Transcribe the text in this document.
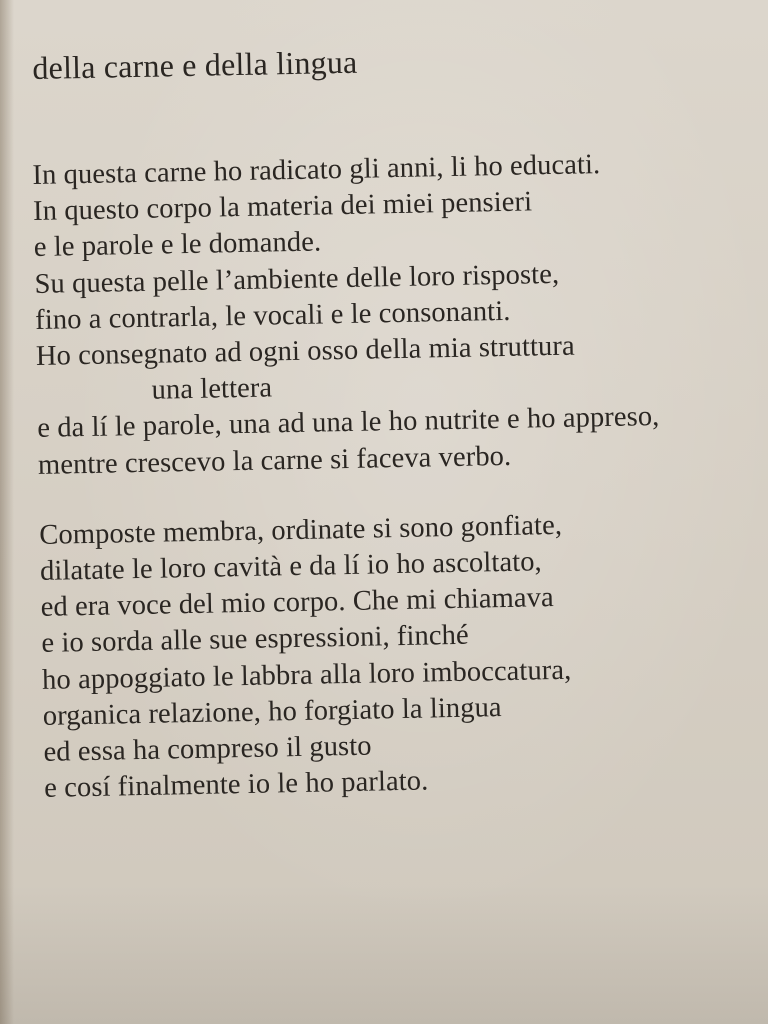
della carne e della lingua
In questa carne ho radicato gli anni, li ho educati.
In questo corpo la materia dei miei pensieri
e le parole e le domande.
Su questa pelle l’ambiente delle loro risposte,
fino a contrarla, le vocali e le consonanti.
Ho consegnato ad ogni osso della mia struttura
una lettera
e da lí le parole, una ad una le ho nutrite e ho appreso,
mentre crescevo la carne si faceva verbo.
Composte membra, ordinate si sono gonfiate,
dilatate le loro cavità e da lí io ho ascoltato,
ed era voce del mio corpo. Che mi chiamava
e io sorda alle sue espressioni, finché
ho appoggiato le labbra alla loro imboccatura,
organica relazione, ho forgiato la lingua
ed essa ha compreso il gusto
e cosí finalmente io le ho parlato.
